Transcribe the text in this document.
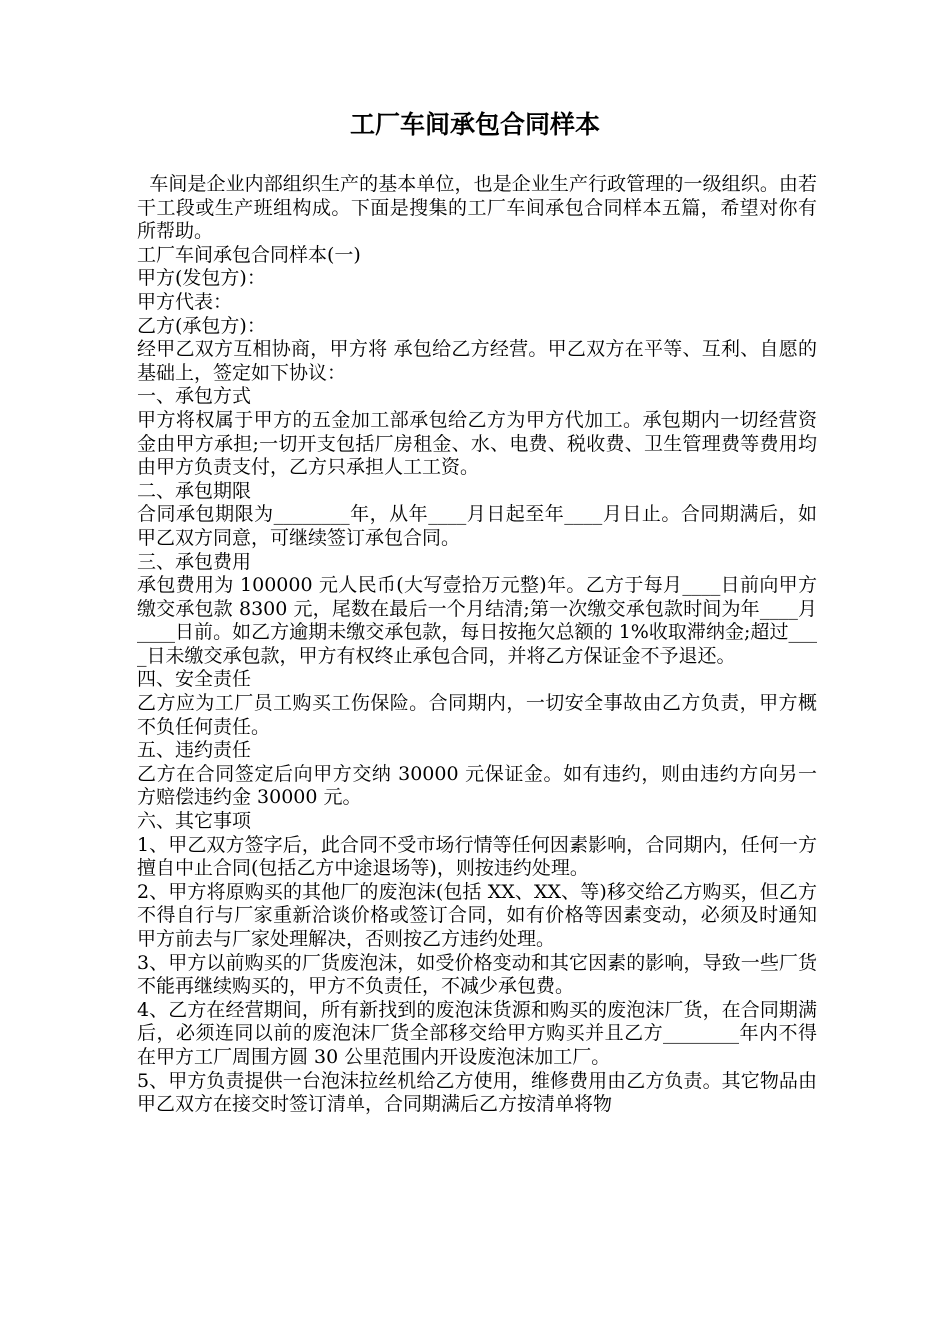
工厂车间承包合同样本

车间是企业内部组织生产的基本单位，也是企业生产行政管理的一级组织。由若干工段或生产班组构成。下面是搜集的工厂车间承包合同样本五篇，希望对你有所帮助。

工厂车间承包合同样本(一)

甲方(发包方)：

甲方代表：

乙方(承包方)：

经甲乙双方互相协商，甲方将 承包给乙方经营。甲乙双方在平等、互利、自愿的基础上，签定如下协议：

一、承包方式

甲方将权属于甲方的五金加工部承包给乙方为甲方代加工。承包期内一切经营资金由甲方承担;一切开支包括厂房租金、水、电费、税收费、卫生管理费等费用均由甲方负责支付，乙方只承担人工工资。

二、承包期限

合同承包期限为________年，从年____月日起至年____月日止。合同期满后，如甲乙双方同意，可继续签订承包合同。

三、承包费用

承包费用为 100000 元人民币(大写壹拾万元整)年。乙方于每月____日前向甲方缴交承包款 8300 元，尾数在最后一个月结清;第一次缴交承包款时间为年____月____日前。如乙方逾期未缴交承包款，每日按拖欠总额的 1%收取滞纳金;超过____日未缴交承包款，甲方有权终止承包合同，并将乙方保证金不予退还。

四、安全责任

乙方应为工厂员工购买工伤保险。合同期内，一切安全事故由乙方负责，甲方概不负任何责任。

五、违约责任

乙方在合同签定后向甲方交纳 30000 元保证金。如有违约，则由违约方向另一方赔偿违约金 30000 元。

六、其它事项

1、甲乙双方签字后，此合同不受市场行情等任何因素影响，合同期内，任何一方擅自中止合同(包括乙方中途退场等)，则按违约处理。

2、甲方将原购买的其他厂的废泡沫(包括 XX、XX、等)移交给乙方购买，但乙方不得自行与厂家重新洽谈价格或签订合同，如有价格等因素变动，必须及时通知甲方前去与厂家处理解决，否则按乙方违约处理。

3、甲方以前购买的厂货废泡沫，如受价格变动和其它因素的影响，导致一些厂货不能再继续购买的，甲方不负责任，不减少承包费。

4、乙方在经营期间，所有新找到的废泡沫货源和购买的废泡沫厂货，在合同期满后，必须连同以前的废泡沫厂货全部移交给甲方购买并且乙方________年内不得在甲方工厂周围方圆 30 公里范围内开设废泡沫加工厂。

5、甲方负责提供一台泡沫拉丝机给乙方使用，维修费用由乙方负责。其它物品由甲乙双方在接交时签订清单，合同期满后乙方按清单将物
